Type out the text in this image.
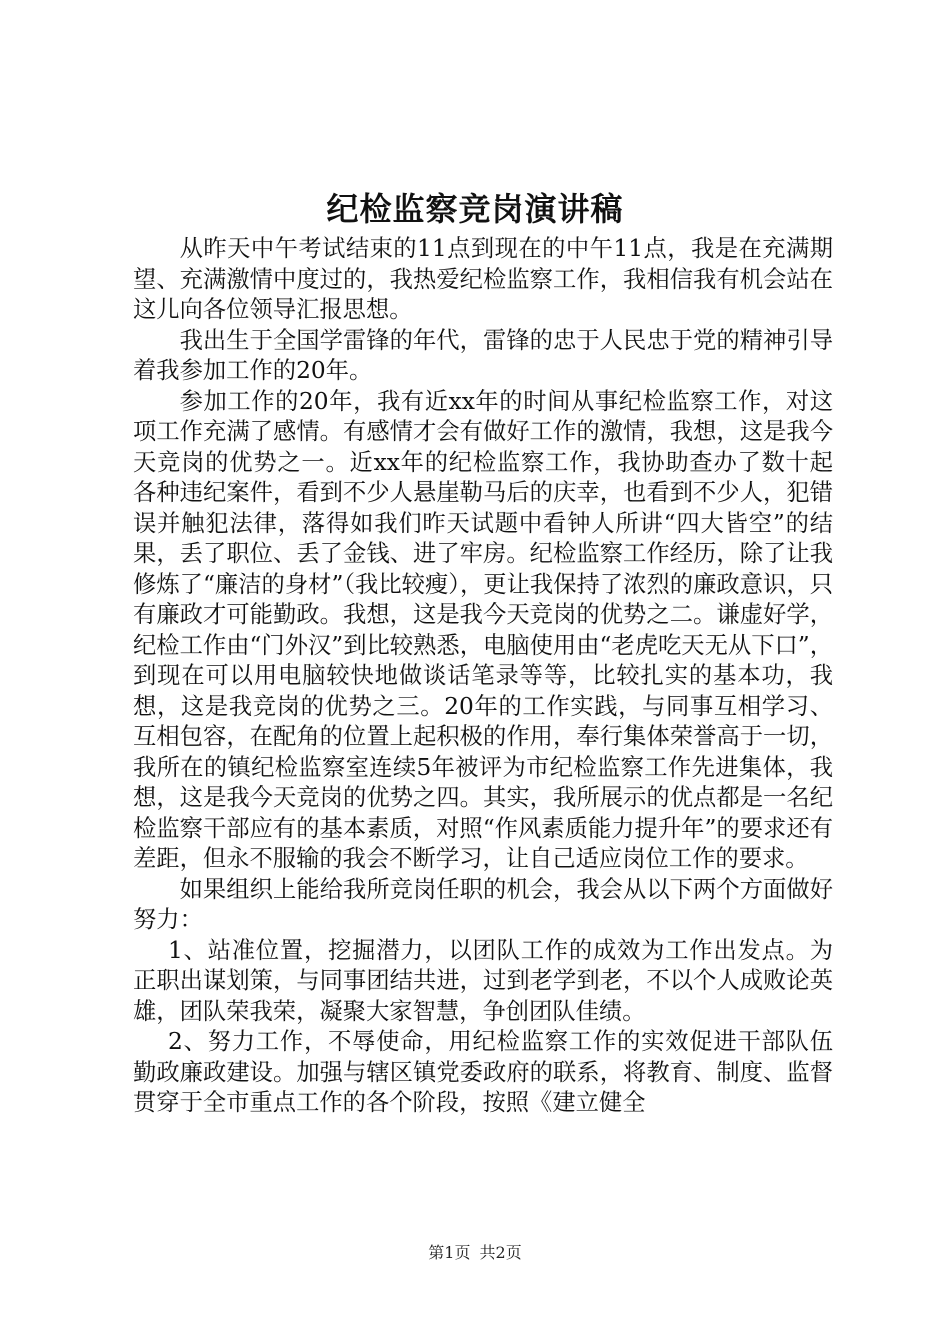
纪检监察竞岗演讲稿

从昨天中午考试结束的11点到现在的中午11点，我是在充满期望、充满激情中度过的，我热爱纪检监察工作，我相信我有机会站在这儿向各位领导汇报思想。

我出生于全国学雷锋的年代，雷锋的忠于人民忠于党的精神引导着我参加工作的20年。

参加工作的20年，我有近xx年的时间从事纪检监察工作，对这项工作充满了感情。有感情才会有做好工作的激情，我想，这是我今天竞岗的优势之一。近xx年的纪检监察工作，我协助查办了数十起各种违纪案件，看到不少人悬崖勒马后的庆幸，也看到不少人，犯错误并触犯法律，落得如我们昨天试题中看钟人所讲“四大皆空”的结果，丢了职位、丢了金钱、进了牢房。纪检监察工作经历，除了让我修炼了“廉洁的身材”（我比较瘦），更让我保持了浓烈的廉政意识，只有廉政才可能勤政。我想，这是我今天竞岗的优势之二。谦虚好学，纪检工作由“门外汉”到比较熟悉，电脑使用由“老虎吃天无从下口”，到现在可以用电脑较快地做谈话笔录等等，比较扎实的基本功，我想，这是我竞岗的优势之三。20年的工作实践，与同事互相学习、互相包容，在配角的位置上起积极的作用，奉行集体荣誉高于一切，我所在的镇纪检监察室连续5年被评为市纪检监察工作先进集体，我想，这是我今天竞岗的优势之四。其实，我所展示的优点都是一名纪检监察干部应有的基本素质，对照“作风素质能力提升年”的要求还有差距，但永不服输的我会不断学习，让自己适应岗位工作的要求。

如果组织上能给我所竞岗任职的机会，我会从以下两个方面做好努力：

1、站准位置，挖掘潜力，以团队工作的成效为工作出发点。为正职出谋划策，与同事团结共进，过到老学到老，不以个人成败论英雄，团队荣我荣，凝聚大家智慧，争创团队佳绩。

2、努力工作，不辱使命，用纪检监察工作的实效促进干部队伍勤政廉政建设。加强与辖区镇党委政府的联系，将教育、制度、监督贯穿于全市重点工作的各个阶段，按照《建立健全

第1页 共2页
